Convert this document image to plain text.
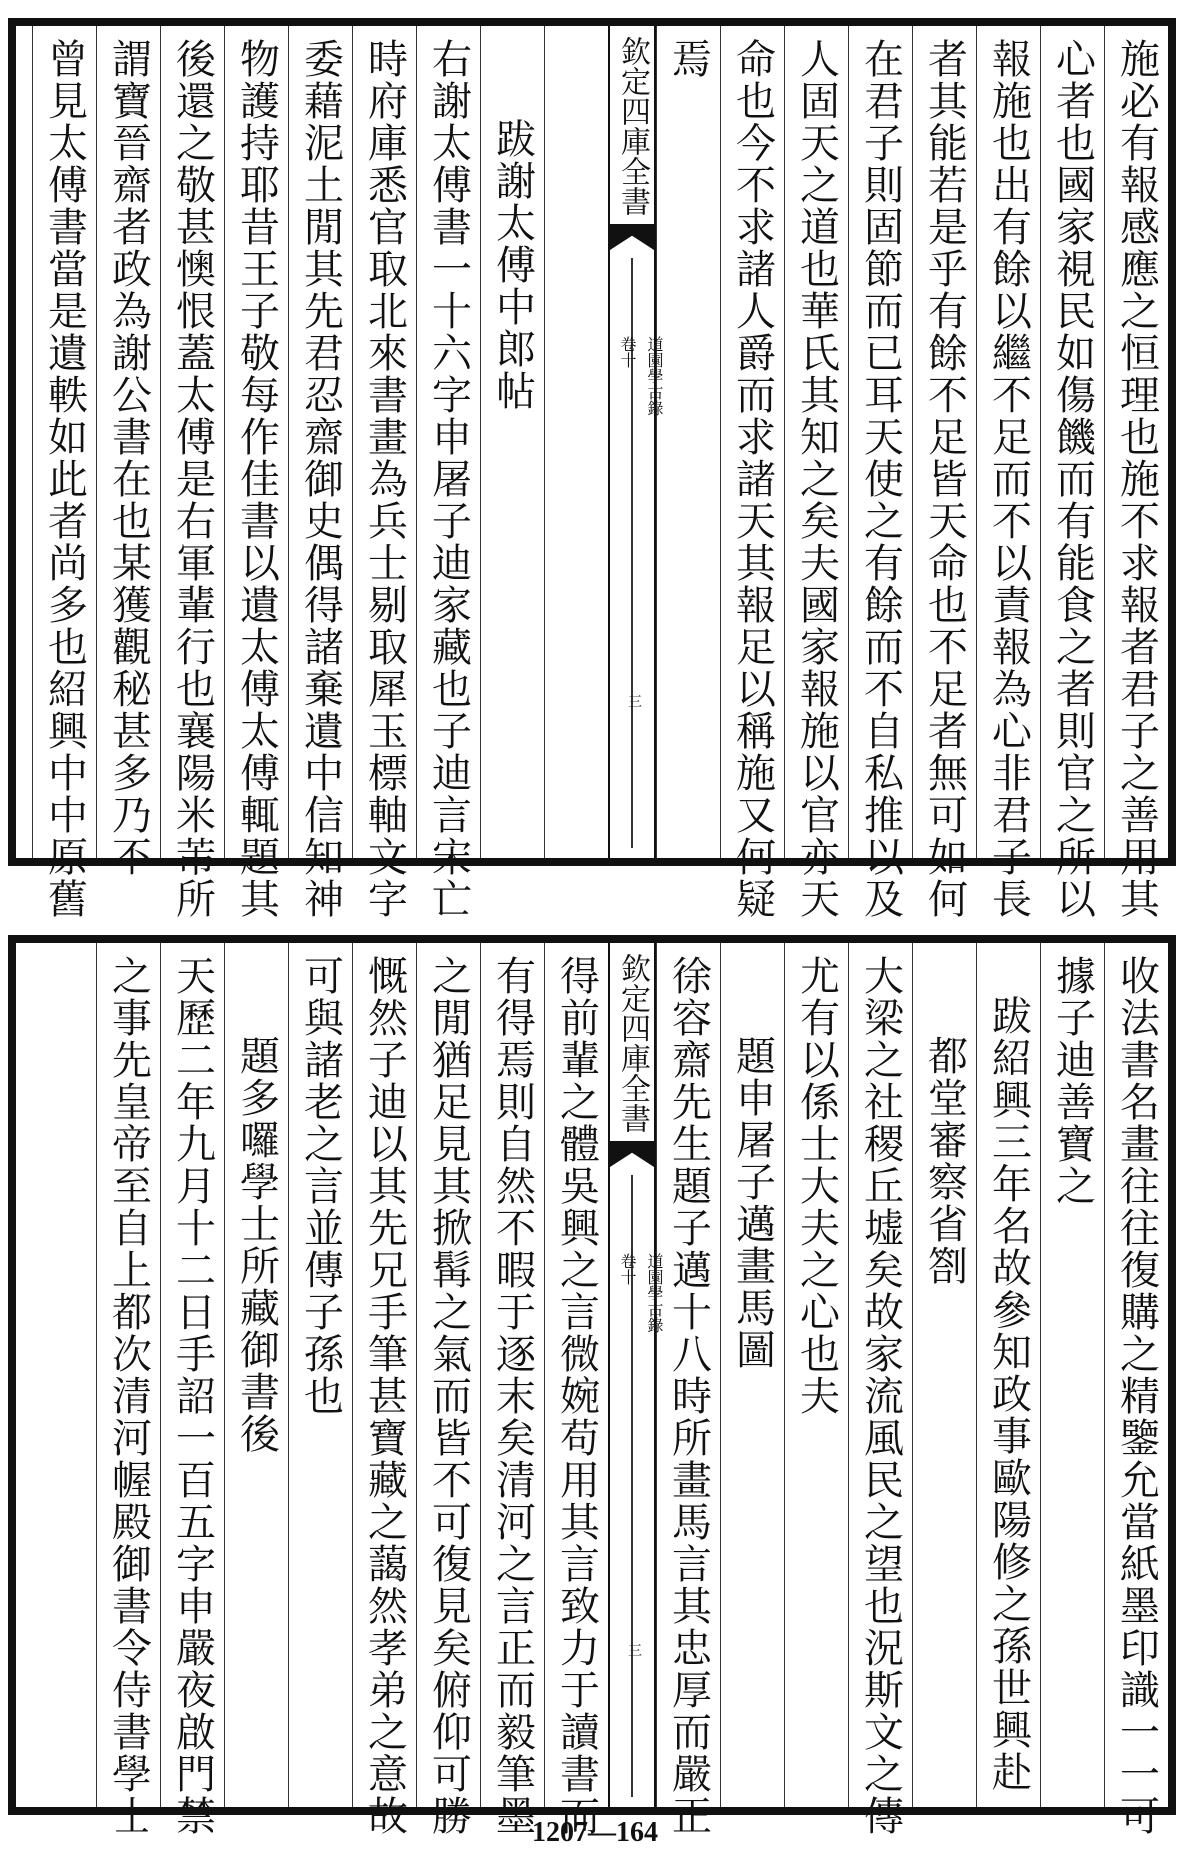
施必有報感應之恒理也施不求報者君子之善用其
心者也國家視民如傷饑而有能食之者則官之所以
報施也出有餘以繼不足而不以責報為心非君子長
者其能若是乎有餘不足皆天命也不足者無可如何
在君子則固節而已耳天使之有餘而不自私推以及
人固天之道也華氏其知之矣夫國家報施以官亦天
命也今不求諸人爵而求諸天其報足以稱施又何疑
焉
欽定四庫全書
道園學古錄
卷十
三
跋謝太傅中郎帖
右謝太傅書一十六字申屠子迪家藏也子迪言宋亡
時府庫悉官取北來書畫為兵士剔取犀玉標軸文字
委藉泥土閒其先君忍齋御史偶得諸棄遺中信知神
物護持耶昔王子敬每作佳書以遺太傅太傅輒題其
後還之敬甚懊恨蓋太傅是右軍輩行也襄陽米芾所
謂寶晉齋者政為謝公書在也某獲觀秘甚多乃不
曾見太傅書當是遺軼如此者尚多也紹興中中原舊
收法書名畫往往復購之精鑒允當紙墨印識一一可
據子迪善寶之
跋紹興三年名故參知政事歐陽修之孫世興赴
都堂審察省劄
大梁之社稷丘墟矣故家流風民之望也況斯文之傳
尤有以係士大夫之心也夫
題申屠子邁畫馬圖
徐容齋先生題子邁十八時所畫馬言其忠厚而嚴正
欽定四庫全書
道園學古錄
卷十
三
得前輩之體吳興之言微婉苟用其言致力于讀書而
有得焉則自然不暇于逐末矣清河之言正而毅筆墨
之閒猶足見其掀髯之氣而皆不可復見矣俯仰可勝
慨然子迪以其先兄手筆甚寶藏之藹然孝弟之意故
可與諸老之言並傳子孫也
題多囉學士所藏御書後
天歷二年九月十二日手詔一百五字申嚴夜啟門禁
之事先皇帝至自上都次清河幄殿御書令侍書學士	1207—164
